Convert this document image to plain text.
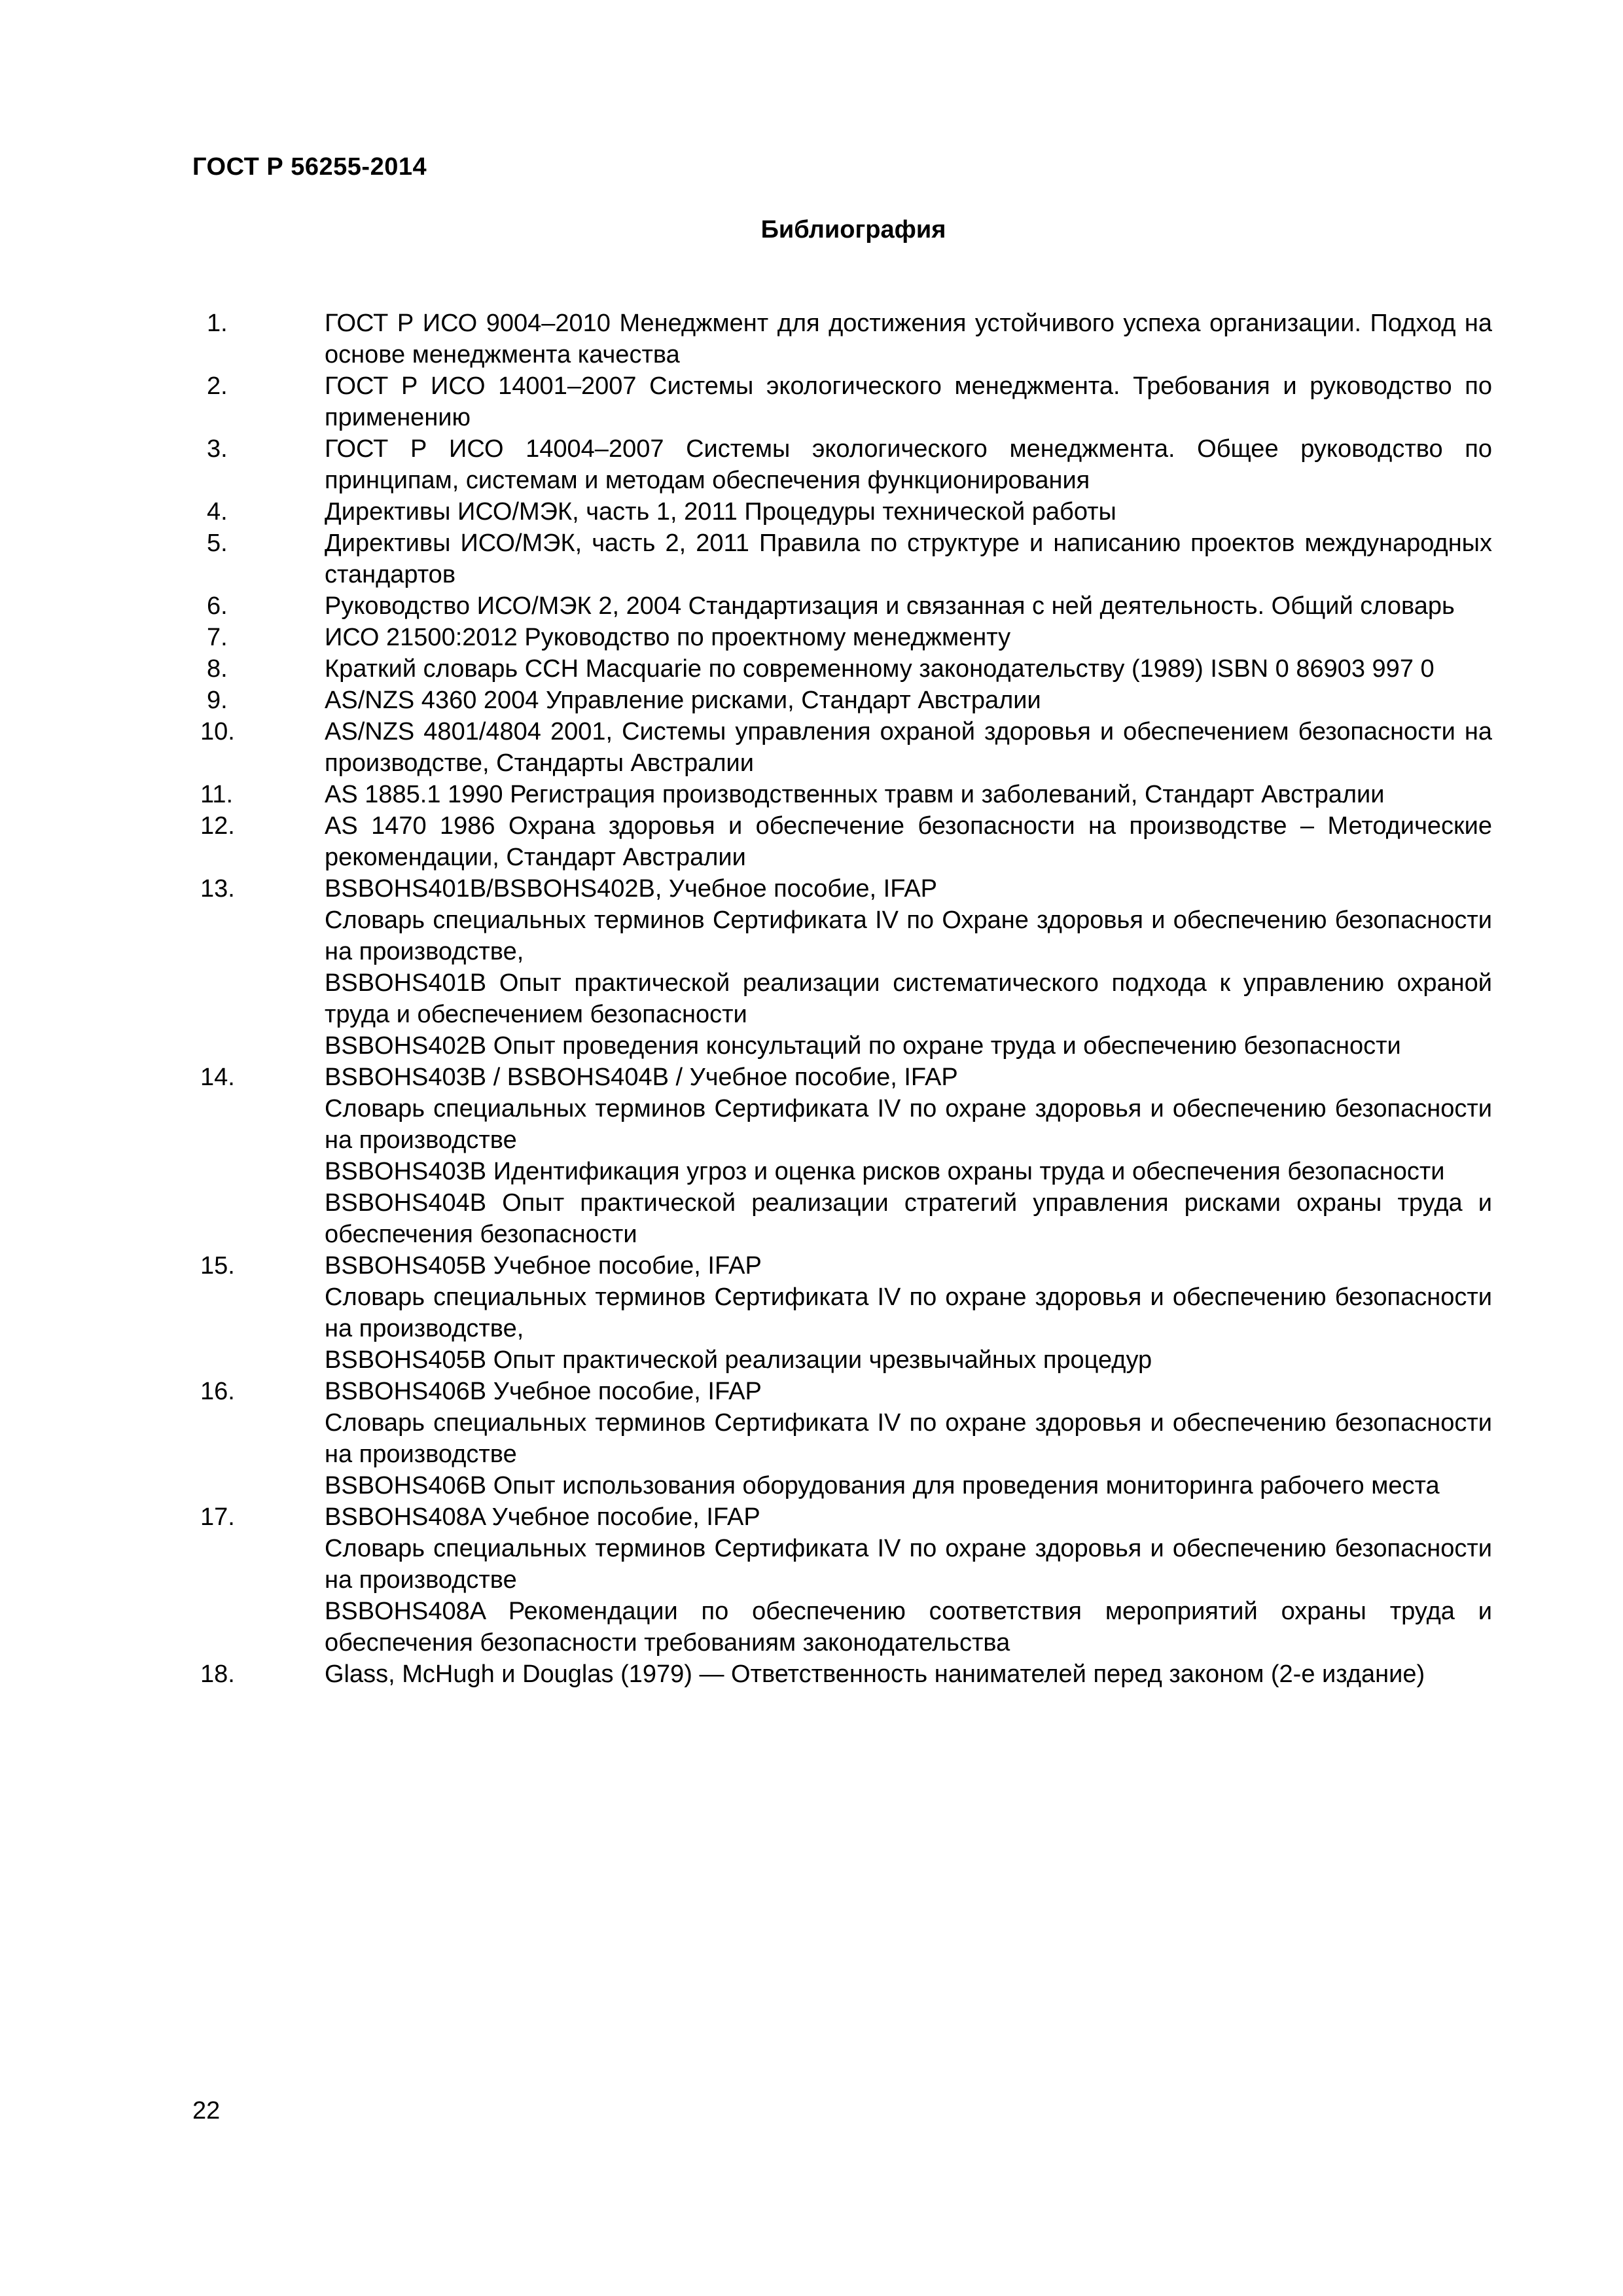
ГОСТ Р 56255-2014
Библиография
1.	ГОСТ Р ИСО 9004–2010 Менеджмент для достижения устойчивого успеха организации. Подход на основе менеджмента качества
2.	ГОСТ Р ИСО 14001–2007 Системы экологического менеджмента. Требования и руководство по применению
3.	ГОСТ Р ИСО 14004–2007 Системы экологического менеджмента. Общее руководство по принципам, системам и методам обеспечения функционирования
4.	Директивы ИСО/МЭК, часть 1, 2011 Процедуры технической работы
5.	Директивы ИСО/МЭК, часть 2, 2011 Правила по структуре и написанию проектов международных стандартов
6.	Руководство ИСО/МЭК 2, 2004 Стандартизация и связанная с ней деятельность. Общий словарь
7.	ИСО 21500:2012 Руководство по проектному менеджменту
8.	Краткий словарь ССН Macquarie по современному законодательству (1989) ISBN 0 86903 997 0
9.	AS/NZS 4360 2004 Управление рисками, Стандарт Австралии
10.	AS/NZS 4801/4804 2001, Системы управления охраной здоровья и обеспечением безопасности на производстве, Стандарты Австралии
11.	AS 1885.1 1990 Регистрация производственных травм и заболеваний, Стандарт Австралии
12.	AS 1470 1986 Охрана здоровья и обеспечение безопасности на производстве – Методические рекомендации, Стандарт Австралии
13.	BSBOHS401B/BSBOHS402B, Учебное пособие, IFAP
Словарь специальных терминов Сертификата IV по Охране здоровья и обеспечению безопасности на производстве,
BSBOHS401B Опыт практической реализации систематического подхода к управлению охраной труда и обеспечением безопасности
BSBOHS402B Опыт проведения консультаций по охране труда и обеспечению безопасности
14.	BSBOHS403B / BSBOHS404B / Учебное пособие, IFAP
Словарь специальных терминов Сертификата IV по охране здоровья и обеспечению безопасности на производстве
BSBOHS403B Идентификация угроз и оценка рисков охраны труда и обеспечения безопасности
BSBOHS404B Опыт практической реализации стратегий управления рисками охраны труда и обеспечения безопасности
15.	BSBOHS405B Учебное пособие, IFAP
Словарь специальных терминов Сертификата IV по охране здоровья и обеспечению безопасности на производстве,
BSBOHS405B Опыт практической реализации чрезвычайных процедур
16.	BSBOHS406B Учебное пособие, IFAP
Словарь специальных терминов Сертификата IV по охране здоровья и обеспечению безопасности на производстве
BSBOHS406B Опыт использования оборудования для проведения мониторинга рабочего места
17.	BSBOHS408A Учебное пособие, IFAP
Словарь специальных терминов Сертификата IV по охране здоровья и обеспечению безопасности на производстве
BSBOHS408A Рекомендации по обеспечению соответствия мероприятий охраны труда и обеспечения безопасности требованиям законодательства
18.	Glass, McHugh и Douglas (1979) — Ответственность нанимателей перед законом (2-е издание)
22
